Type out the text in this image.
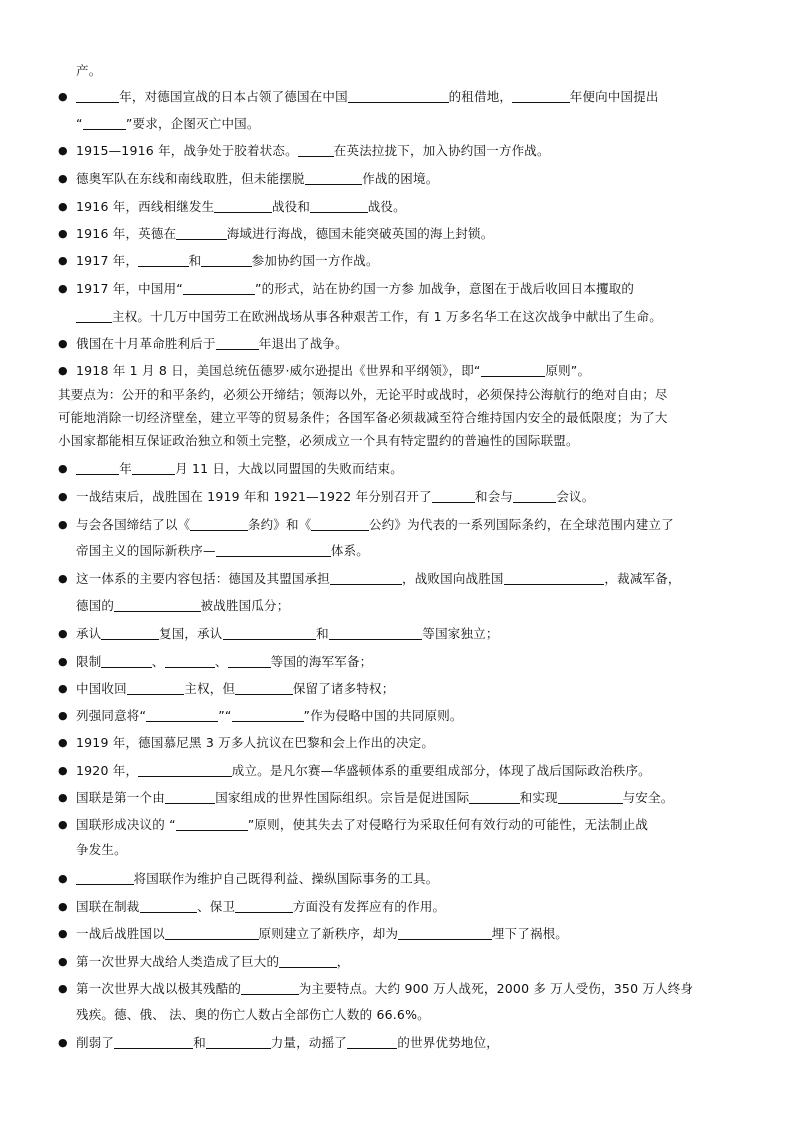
产。
●	年，对德国宣战的日本占领了德国在中国	的租借地，	年便向中国提出
“	”要求，企图灭亡中国。
● 1915—1916 年，战争处于胶着状态。	在英法拉拢下，加入协约国一方作战。
● 德奥军队在东线和南线取胜，但未能摆脱	作战的困境。
● 1916 年，西线相继发生	战役和	战役。
● 1916 年，英德在	海域进行海战，德国未能突破英国的海上封锁。
● 1917 年，	和	参加协约国一方作战。
● 1917 年，中国用“	”的形式，站在协约国一方参 加战争，意图在于战后收回日本攫取的
主权。十几万中国劳工在欧洲战场从事各种艰苦工作，有 1 万多名华工在这次战争中献出了生命。
● 俄国在十月革命胜利后于	年退出了战争。
● 1918 年 1 月 8 日，美国总统伍德罗·威尔逊提出《世界和平纲领》，即“	原则”。
其要点为：公开的和平条约，必须公开缔结；领海以外，无论平时或战时，必须保持公海航行的绝对自由；尽
可能地消除一切经济壁垒，建立平等的贸易条件；各国军备必须裁减至符合维持国内安全的最低限度；为了大
小国家都能相互保证政治独立和领土完整，必须成立一个具有特定盟约的普遍性的国际联盟。
●	年	月 11 日，大战以同盟国的失败而结束。
● 一战结束后，战胜国在 1919 年和 1921—1922 年分别召开了	和会与	会议。
● 与会各国缔结了以《	条约》和《	公约》为代表的一系列国际条约，在全球范围内建立了
帝国主义的国际新秩序—	体系。
● 这一体系的主要内容包括：德国及其盟国承担	，战败国向战胜国	，裁减军备，
德国的	被战胜国瓜分；
● 承认	复国，承认	和	等国家独立；
● 限制	、	、	等国的海军军备；
● 中国收回	主权，但	保留了诸多特权；
● 列强同意将“	”“	”作为侵略中国的共同原则。
● 1919 年，德国慕尼黑 3 万多人抗议在巴黎和会上作出的决定。
● 1920 年，	成立。是凡尔赛—华盛顿体系的重要组成部分，体现了战后国际政治秩序。
● 国联是第一个由	国家组成的世界性国际组织。宗旨是促进国际	和实现	与安全。
● 国联形成决议的 “	”原则，使其失去了对侵略行为采取任何有效行动的可能性，无法制止战
争发生。
●	将国联作为维护自己既得利益、操纵国际事务的工具。
● 国联在制裁	、保卫	方面没有发挥应有的作用。
● 一战后战胜国以	原则建立了新秩序，却为	埋下了祸根。
● 第一次世界大战给人类造成了巨大的	，
● 第一次世界大战以极其残酷的	为主要特点。大约 900 万人战死，2000 多 万人受伤，350 万人终身
残疾。德、俄、 法、奥的伤亡人数占全部伤亡人数的 66.6%。
● 削弱了	和	力量，动摇了	的世界优势地位，
